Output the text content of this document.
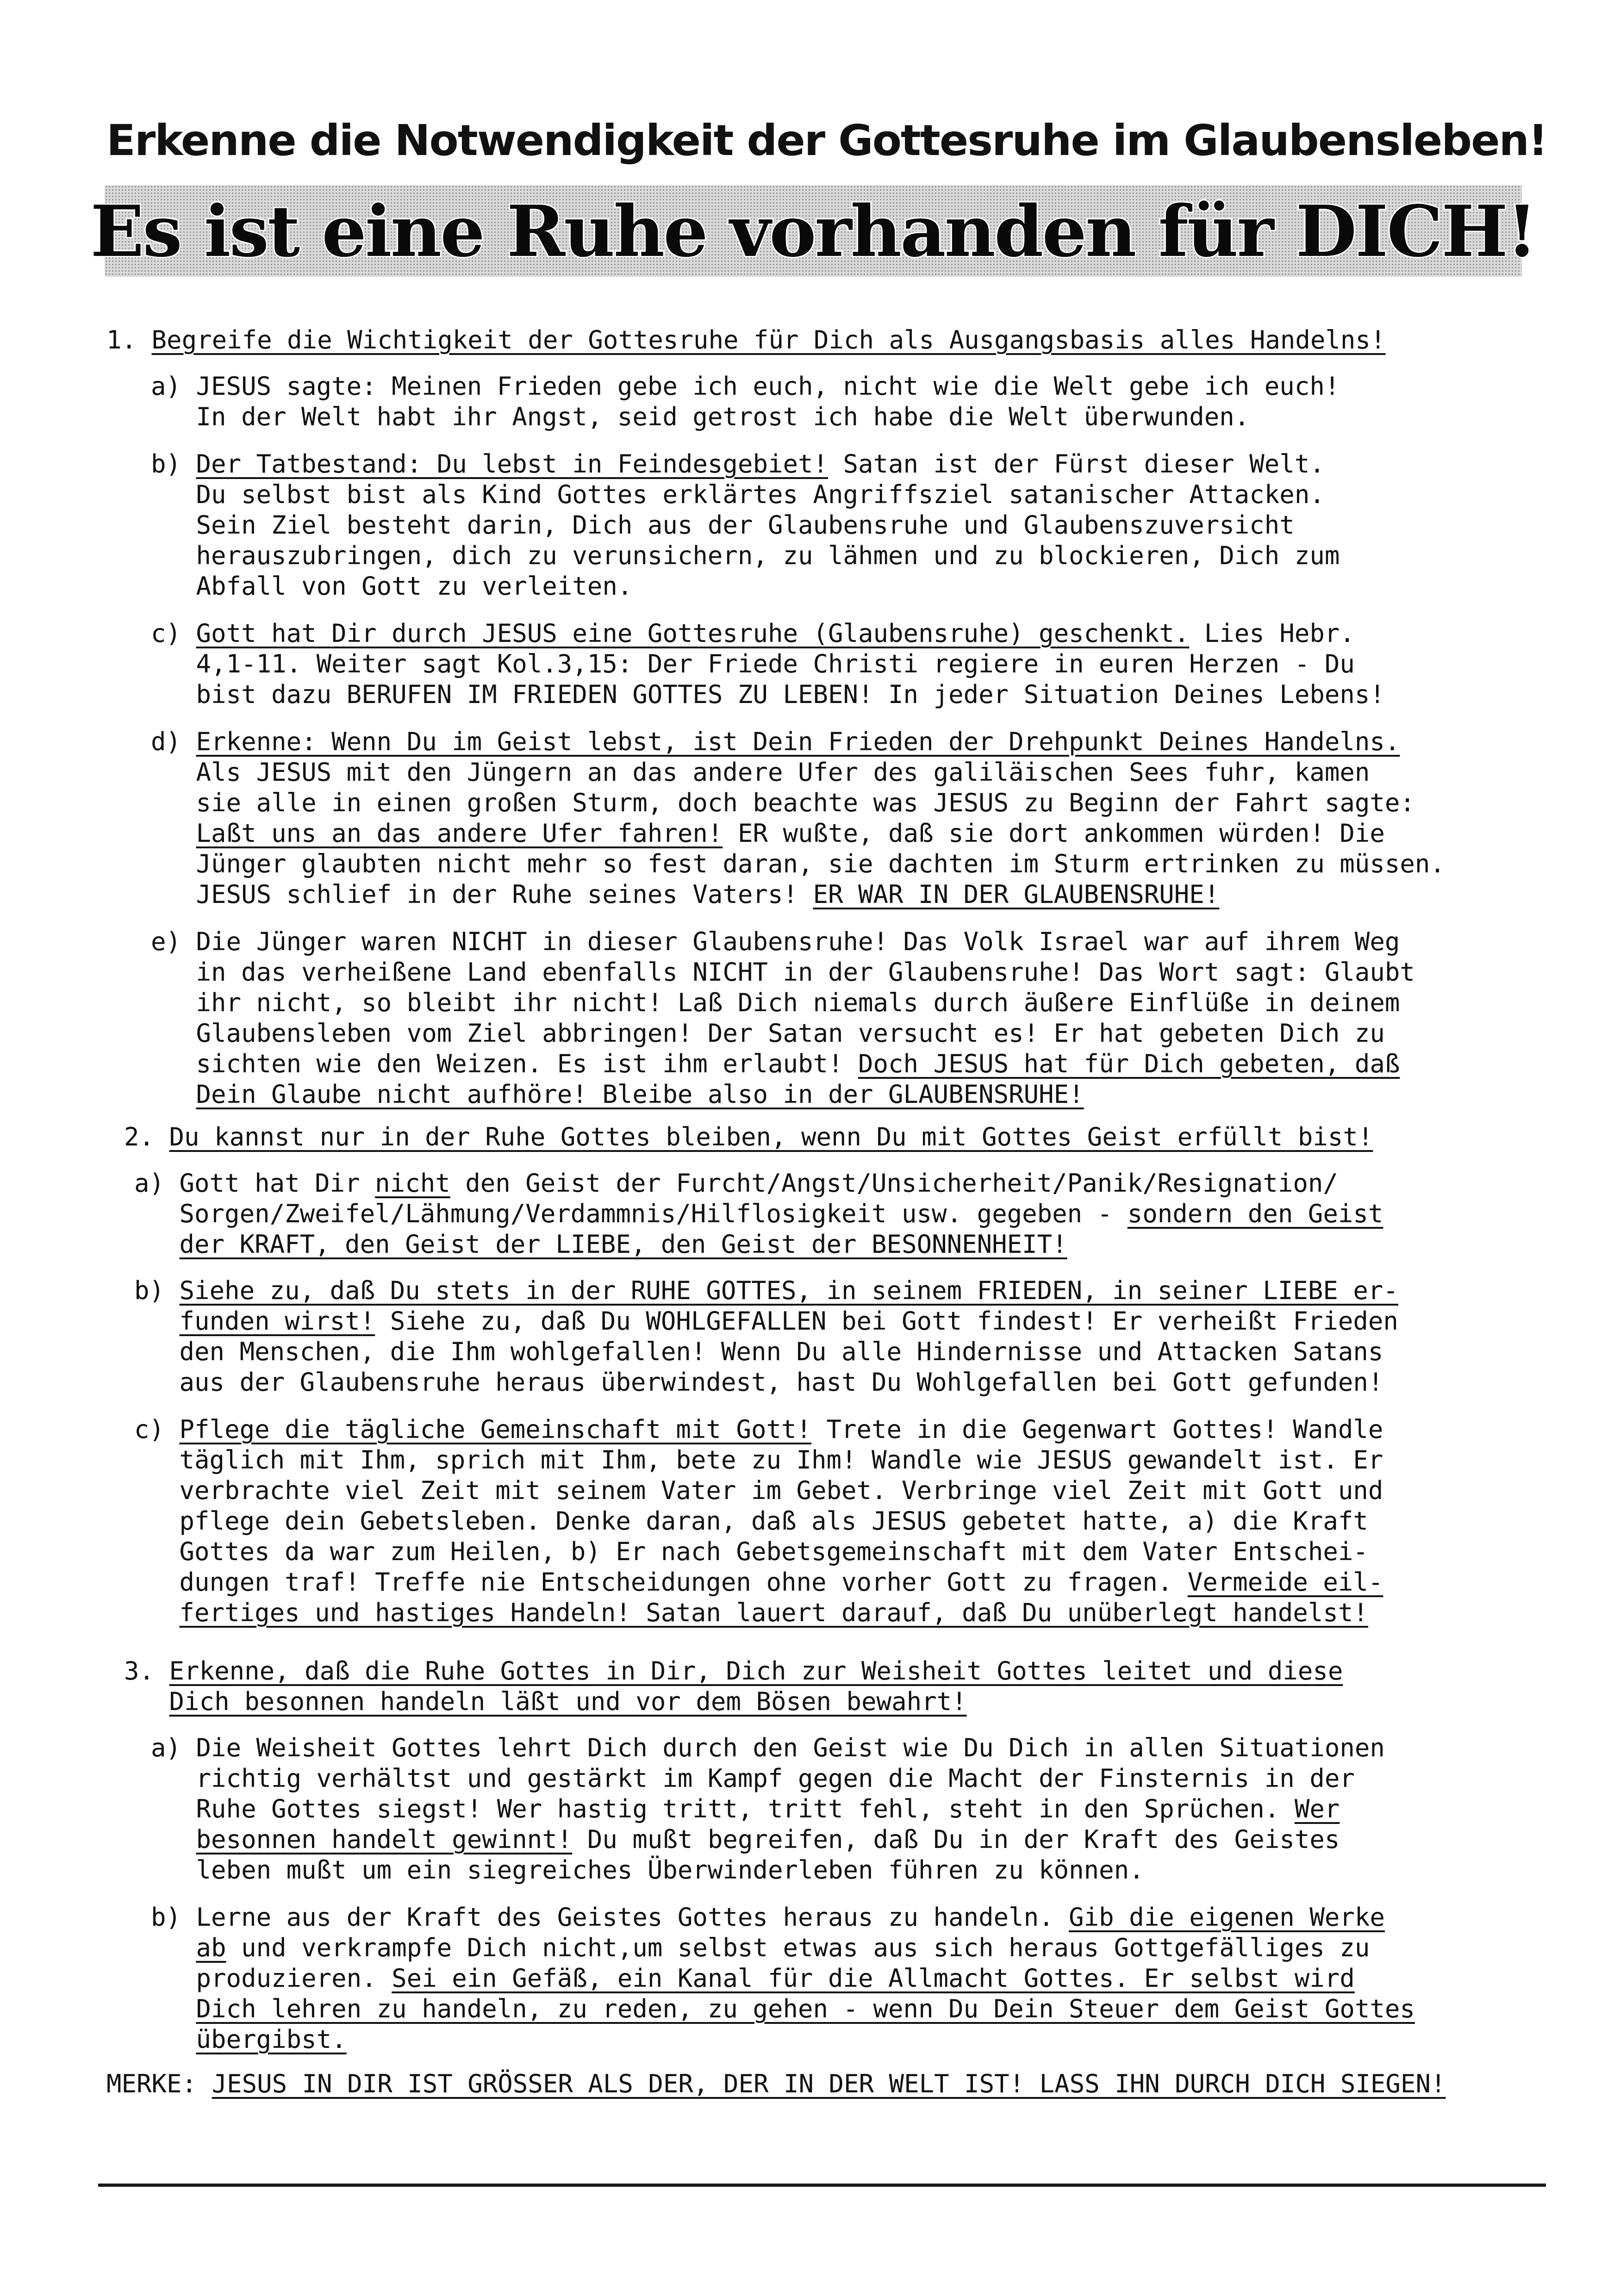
Erkenne die Notwendigkeit der Gottesruhe im Glaubensleben!
Es ist eine Ruhe vorhanden für DICH!
1. Begreife die Wichtigkeit der Gottesruhe für Dich als Ausgangsbasis alles Handelns!
a) JESUS sagte: Meinen Frieden gebe ich euch, nicht wie die Welt gebe ich euch!
In der Welt habt ihr Angst, seid getrost ich habe die Welt überwunden.
b) Der Tatbestand: Du lebst in Feindesgebiet! Satan ist der Fürst dieser Welt.
Du selbst bist als Kind Gottes erklärtes Angriffsziel satanischer Attacken.
Sein Ziel besteht darin, Dich aus der Glaubensruhe und Glaubenszuversicht
herauszubringen, dich zu verunsichern, zu lähmen und zu blockieren, Dich zum
Abfall von Gott zu verleiten.
c) Gott hat Dir durch JESUS eine Gottesruhe (Glaubensruhe) geschenkt. Lies Hebr.
4,1-11. Weiter sagt Kol.3,15: Der Friede Christi regiere in euren Herzen - Du
bist dazu BERUFEN IM FRIEDEN GOTTES ZU LEBEN! In jeder Situation Deines Lebens!
d) Erkenne: Wenn Du im Geist lebst, ist Dein Frieden der Drehpunkt Deines Handelns.
Als JESUS mit den Jüngern an das andere Ufer des galiläischen Sees fuhr, kamen
sie alle in einen großen Sturm, doch beachte was JESUS zu Beginn der Fahrt sagte:
Laßt uns an das andere Ufer fahren! ER wußte, daß sie dort ankommen würden! Die
Jünger glaubten nicht mehr so fest daran, sie dachten im Sturm ertrinken zu müssen.
JESUS schlief in der Ruhe seines Vaters! ER WAR IN DER GLAUBENSRUHE!
e) Die Jünger waren NICHT in dieser Glaubensruhe! Das Volk Israel war auf ihrem Weg
in das verheißene Land ebenfalls NICHT in der Glaubensruhe! Das Wort sagt: Glaubt
ihr nicht, so bleibt ihr nicht! Laß Dich niemals durch äußere Einflüße in deinem
Glaubensleben vom Ziel abbringen! Der Satan versucht es! Er hat gebeten Dich zu
sichten wie den Weizen. Es ist ihm erlaubt! Doch JESUS hat für Dich gebeten, daß
Dein Glaube nicht aufhöre! Bleibe also in der GLAUBENSRUHE!
2. Du kannst nur in der Ruhe Gottes bleiben, wenn Du mit Gottes Geist erfüllt bist!
a) Gott hat Dir nicht den Geist der Furcht/Angst/Unsicherheit/Panik/Resignation/
Sorgen/Zweifel/Lähmung/Verdammnis/Hilflosigkeit usw. gegeben - sondern den Geist
der KRAFT, den Geist der LIEBE, den Geist der BESONNENHEIT!
b) Siehe zu, daß Du stets in der RUHE GOTTES, in seinem FRIEDEN, in seiner LIEBE er-
funden wirst! Siehe zu, daß Du WOHLGEFALLEN bei Gott findest! Er verheißt Frieden
den Menschen, die Ihm wohlgefallen! Wenn Du alle Hindernisse und Attacken Satans
aus der Glaubensruhe heraus überwindest, hast Du Wohlgefallen bei Gott gefunden!
c) Pflege die tägliche Gemeinschaft mit Gott! Trete in die Gegenwart Gottes! Wandle
täglich mit Ihm, sprich mit Ihm, bete zu Ihm! Wandle wie JESUS gewandelt ist. Er
verbrachte viel Zeit mit seinem Vater im Gebet. Verbringe viel Zeit mit Gott und
pflege dein Gebetsleben. Denke daran, daß als JESUS gebetet hatte, a) die Kraft
Gottes da war zum Heilen, b) Er nach Gebetsgemeinschaft mit dem Vater Entschei-
dungen traf! Treffe nie Entscheidungen ohne vorher Gott zu fragen. Vermeide eil-
fertiges und hastiges Handeln! Satan lauert darauf, daß Du unüberlegt handelst!
3. Erkenne, daß die Ruhe Gottes in Dir, Dich zur Weisheit Gottes leitet und diese
Dich besonnen handeln läßt und vor dem Bösen bewahrt!
a) Die Weisheit Gottes lehrt Dich durch den Geist wie Du Dich in allen Situationen
richtig verhältst und gestärkt im Kampf gegen die Macht der Finsternis in der
Ruhe Gottes siegst! Wer hastig tritt, tritt fehl, steht in den Sprüchen. Wer
besonnen handelt gewinnt! Du mußt begreifen, daß Du in der Kraft des Geistes
leben mußt um ein siegreiches Überwinderleben führen zu können.
b) Lerne aus der Kraft des Geistes Gottes heraus zu handeln. Gib die eigenen Werke
ab und verkrampfe Dich nicht,um selbst etwas aus sich heraus Gottgefälliges zu
produzieren. Sei ein Gefäß, ein Kanal für die Allmacht Gottes. Er selbst wird
Dich lehren zu handeln, zu reden, zu gehen - wenn Du Dein Steuer dem Geist Gottes
übergibst.
MERKE: JESUS IN DIR IST GRÖSSER ALS DER, DER IN DER WELT IST! LASS IHN DURCH DICH SIEGEN!
